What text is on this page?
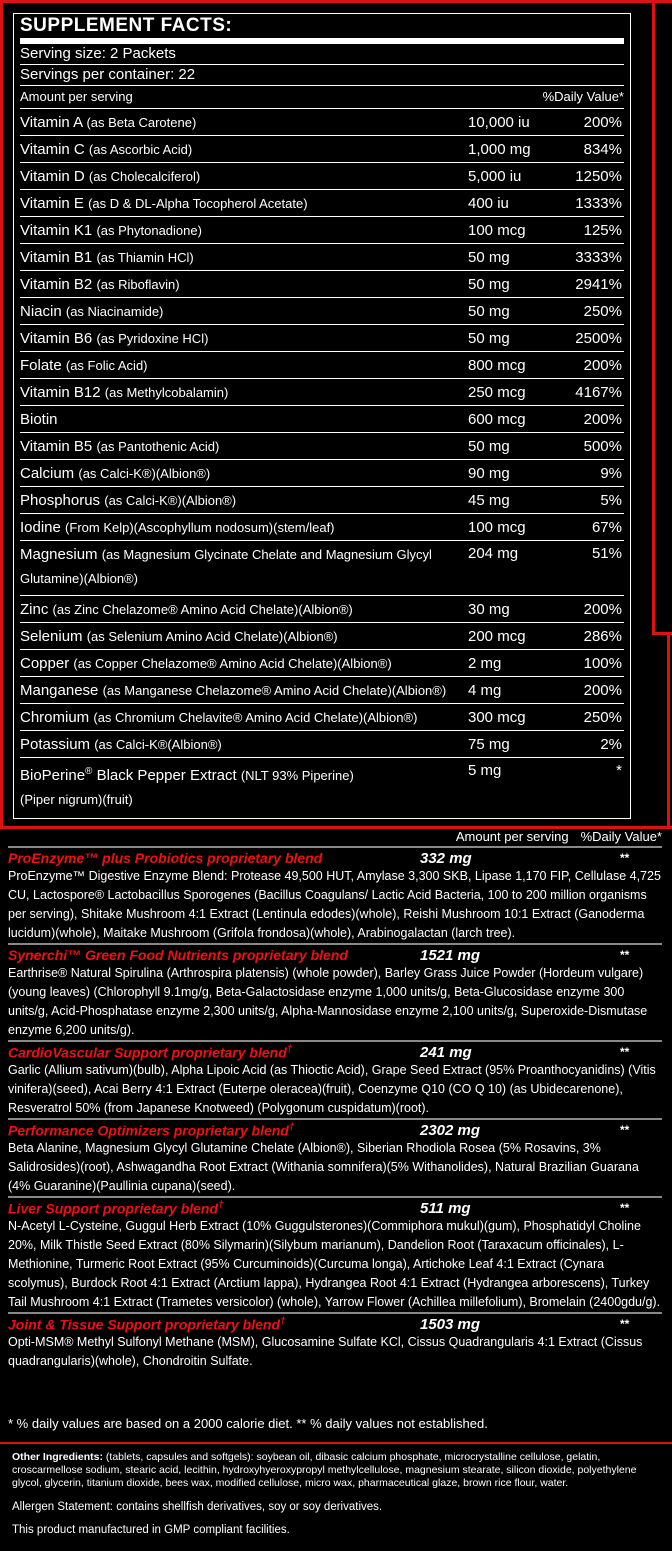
SUPPLEMENT FACTS:
Serving size: 2 Packets
Servings per container: 22
Amount per serving	%Daily Value*
Vitamin A (as Beta Carotene)	10,000 iu	200%
Vitamin C (as Ascorbic Acid)	1,000 mg	834%
Vitamin D (as Cholecalciferol)	5,000 iu	1250%
Vitamin E (as D & DL-Alpha Tocopherol Acetate)	400 iu	1333%
Vitamin K1 (as Phytonadione)	100 mcg	125%
Vitamin B1 (as Thiamin HCl)	50 mg	3333%
Vitamin B2 (as Riboflavin)	50 mg	2941%
Niacin (as Niacinamide)	50 mg	250%
Vitamin B6 (as Pyridoxine HCl)	50 mg	2500%
Folate (as Folic Acid)	800 mcg	200%
Vitamin B12 (as Methylcobalamin)	250 mcg	4167%
Biotin	600 mcg	200%
Vitamin B5 (as Pantothenic Acid)	50 mg	500%
Calcium (as Calci-K®)(Albion®)	90 mg	9%
Phosphorus (as Calci-K®)(Albion®)	45 mg	5%
Iodine (From Kelp)(Ascophyllum nodosum)(stem/leaf)	100 mcg	67%
Magnesium (as Magnesium Glycinate Chelate and Magnesium Glycyl Glutamine)(Albion®)
204 mg	51%
Zinc (as Zinc Chelazome® Amino Acid Chelate)(Albion®)	30 mg	200%
Selenium (as Selenium Amino Acid Chelate)(Albion®)	200 mcg	286%
Copper (as Copper Chelazome® Amino Acid Chelate)(Albion®)	2 mg	100%
Manganese (as Manganese Chelazome® Amino Acid Chelate)(Albion®)	4 mg	200%
Chromium (as Chromium Chelavite® Amino Acid Chelate)(Albion®)	300 mcg	250%
Potassium (as Calci-K®(Albion®)	75 mg	2%
BioPerine® Black Pepper Extract (NLT 93% Piperine)
(Piper nigrum)(fruit)
5 mg	*
Amount per serving %Daily Value*
ProEnzyme™ plus Probiotics proprietary blend	332 mg	**
ProEnzyme™ Digestive Enzyme Blend: Protease 49,500 HUT, Amylase 3,300 SKB, Lipase 1,170 FIP, Cellulase 4,725 CU, Lactospore® Lactobacillus Sporogenes (Bacillus Coagulans/ Lactic Acid Bacteria, 100 to 200 million organisms per serving), Shitake Mushroom 4:1 Extract (Lentinula edodes)(whole), Reishi Mushroom 10:1 Extract (Ganoderma lucidum)(whole), Maitake Mushroom (Grifola frondosa)(whole), Arabinogalactan (larch tree).
Synerchi™ Green Food Nutrients proprietary blend	1521 mg	**
Earthrise® Natural Spirulina (Arthrospira platensis) (whole powder), Barley Grass Juice Powder (Hordeum vulgare) (young leaves) (Chlorophyll 9.1mg/g, Beta-Galactosidase enzyme 1,000 units/g, Beta-Glucosidase enzyme 300 units/g, Acid-Phosphatase enzyme 2,300 units/g, Alpha-Mannosidase enzyme 2,100 units/g, Superoxide-Dismutase enzyme 6,200 units/g).
CardioVascular Support proprietary blend†	241 mg	**
Garlic (Allium sativum)(bulb), Alpha Lipoic Acid (as Thioctic Acid), Grape Seed Extract (95% Proanthocyanidins) (Vitis vinifera)(seed), Acai Berry 4:1 Extract (Euterpe oleracea)(fruit), Coenzyme Q10 (CO Q 10) (as Ubidecarenone), Resveratrol 50% (from Japanese Knotweed) (Polygonum cuspidatum)(root).
Performance Optimizers proprietary blend†	2302 mg	**
Beta Alanine, Magnesium Glycyl Glutamine Chelate (Albion®), Siberian Rhodiola Rosea (5% Rosavins, 3% Salidrosides)(root), Ashwagandha Root Extract (Withania somnifera)(5% Withanolides), Natural Brazilian Guarana (4% Guaranine)(Paullinia cupana)(seed).
Liver Support proprietary blend†	511 mg	**
N-Acetyl L-Cysteine, Guggul Herb Extract (10% Guggulsterones)(Commiphora mukul)(gum), Phosphatidyl Choline 20%, Milk Thistle Seed Extract (80% Silymarin)(Silybum marianum), Dandelion Root (Taraxacum officinales), L-Methionine, Turmeric Root Extract (95% Curcuminoids)(Curcuma longa), Artichoke Leaf 4:1 Extract (Cynara scolymus), Burdock Root 4:1 Extract (Arctium lappa), Hydrangea Root 4:1 Extract (Hydrangea arborescens), Turkey Tail Mushroom 4:1 Extract (Trametes versicolor) (whole), Yarrow Flower (Achillea millefolium), Bromelain (2400gdu/g).
Joint & Tissue Support proprietary blend†	1503 mg	**
Opti-MSM® Methyl Sulfonyl Methane (MSM), Glucosamine Sulfate KCl, Cissus Quadrangularis 4:1 Extract (Cissus quadrangularis)(whole), Chondroitin Sulfate.
* % daily values are based on a 2000 calorie diet. ** % daily values not established.
Other Ingredients: (tablets, capsules and softgels): soybean oil, dibasic calcium phosphate, microcrystalline cellulose, gelatin, croscarmellose sodium, stearic acid, lecithin, hydroxyhyeroxypropyl methylcellulose, magnesium stearate, silicon dioxide, polyethylene glycol, glycerin, titanium dioxide, bees wax, modified cellulose, micro wax, pharmaceutical glaze, brown rice flour, water.
Allergen Statement: contains shellfish derivatives, soy or soy derivatives.
This product manufactured in GMP compliant facilities.
